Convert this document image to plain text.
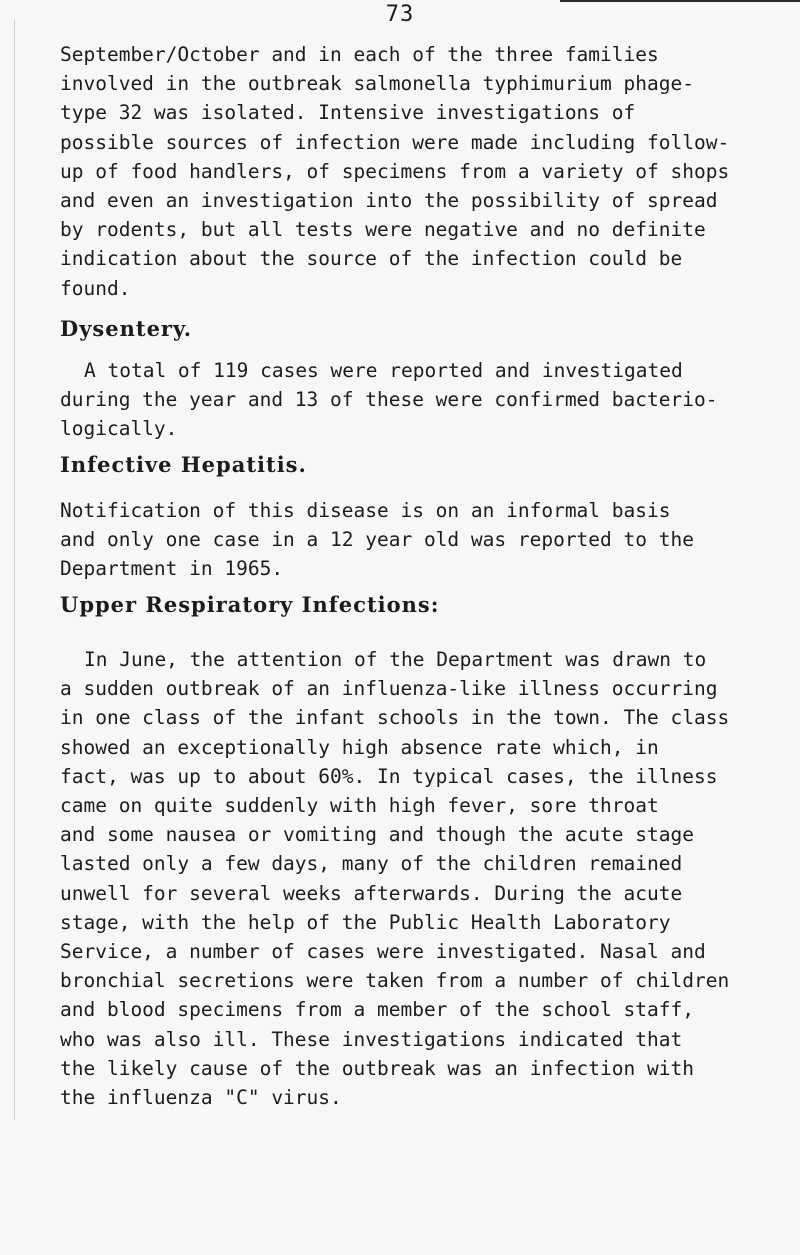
73
September/October and in each of the three families
involved in the outbreak salmonella typhimurium phage-
type 32 was isolated. Intensive investigations of
possible sources of infection were made including follow-
up of food handlers, of specimens from a variety of shops
and even an investigation into the possibility of spread
by rodents, but all tests were negative and no definite
indication about the source of the infection could be
found.
Dysentery.
A total of 119 cases were reported and investigated
during the year and 13 of these were confirmed bacterio-
logically.
Infective Hepatitis.
Notification of this disease is on an informal basis
and only one case in a 12 year old was reported to the
Department in 1965.
Upper Respiratory Infections:
In June, the attention of the Department was drawn to
a sudden outbreak of an influenza-like illness occurring
in one class of the infant schools in the town. The class
showed an exceptionally high absence rate which, in
fact, was up to about 60%. In typical cases, the illness
came on quite suddenly with high fever, sore throat
and some nausea or vomiting and though the acute stage
lasted only a few days, many of the children remained
unwell for several weeks afterwards. During the acute
stage, with the help of the Public Health Laboratory
Service, a number of cases were investigated. Nasal and
bronchial secretions were taken from a number of children
and blood specimens from a member of the school staff,
who was also ill. These investigations indicated that
the likely cause of the outbreak was an infection with
the influenza "C" virus.
